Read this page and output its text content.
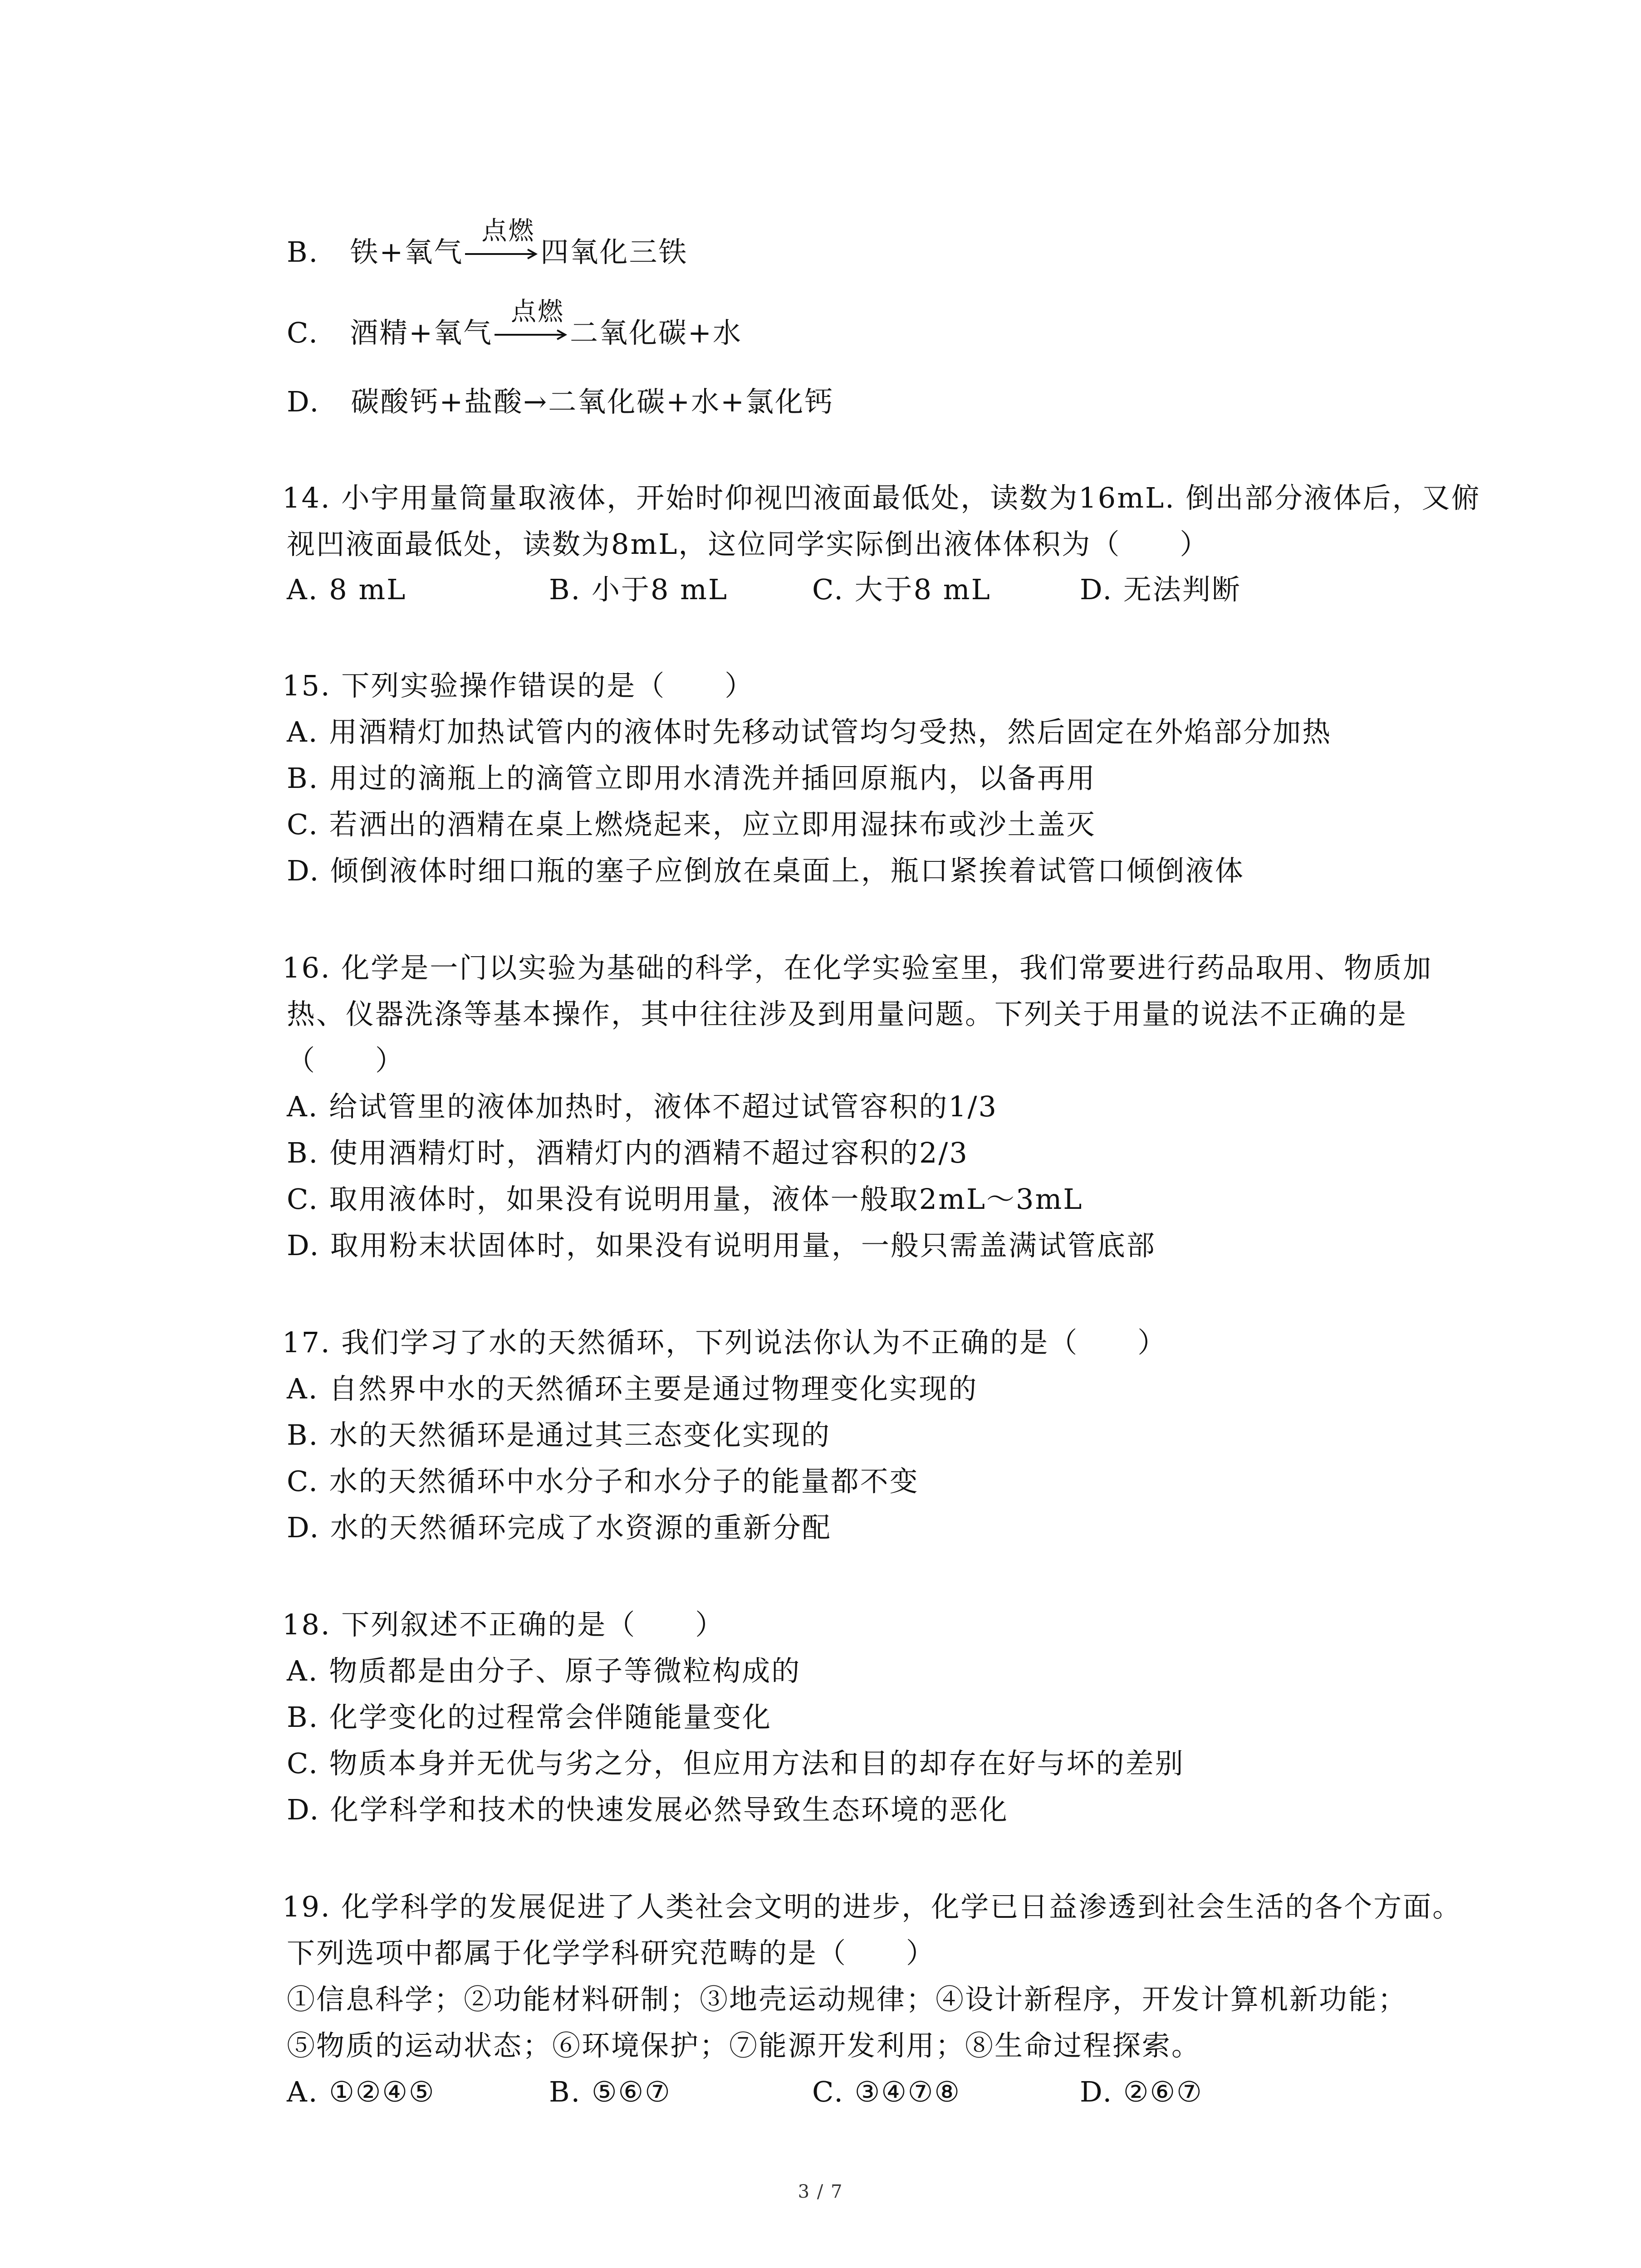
B. 铁+氧气
点燃
四氧化三铁
C. 酒精+氧气
点燃
二氧化碳+水
D.   碳酸钙+盐酸→二氧化碳+水+氯化钙
14. 小宇用量筒量取液体，开始时仰视凹液面最低处，读数为16mL. 倒出部分液体后，又俯
视凹液面最低处，读数为8mL，这位同学实际倒出液体体积为（　　）
A. 8 mL	B. 小于8 mL	C. 大于8 mL	D. 无法判断
15. 下列实验操作错误的是（　　）
A. 用酒精灯加热试管内的液体时先移动试管均匀受热，然后固定在外焰部分加热
B. 用过的滴瓶上的滴管立即用水清洗并插回原瓶内，以备再用
C. 若洒出的酒精在桌上燃烧起来，应立即用湿抹布或沙土盖灭
D. 倾倒液体时细口瓶的塞子应倒放在桌面上，瓶口紧挨着试管口倾倒液体
16. 化学是一门以实验为基础的科学，在化学实验室里，我们常要进行药品取用、物质加
热、仪器洗涤等基本操作，其中往往涉及到用量问题。下列关于用量的说法不正确的是
（　　）
A. 给试管里的液体加热时，液体不超过试管容积的1/3
B. 使用酒精灯时，酒精灯内的酒精不超过容积的2/3
C. 取用液体时，如果没有说明用量，液体一般取2mL～3mL
D. 取用粉末状固体时，如果没有说明用量，一般只需盖满试管底部
17. 我们学习了水的天然循环，下列说法你认为不正确的是（　　）
A. 自然界中水的天然循环主要是通过物理变化实现的
B. 水的天然循环是通过其三态变化实现的
C. 水的天然循环中水分子和水分子的能量都不变
D. 水的天然循环完成了水资源的重新分配
18. 下列叙述不正确的是（　　）
A. 物质都是由分子、原子等微粒构成的
B. 化学变化的过程常会伴随能量变化
C. 物质本身并无优与劣之分，但应用方法和目的却存在好与坏的差别
D. 化学科学和技术的快速发展必然导致生态环境的恶化
19. 化学科学的发展促进了人类社会文明的进步，化学已日益渗透到社会生活的各个方面。
下列选项中都属于化学学科研究范畴的是（　　）
①信息科学；②功能材料研制；③地壳运动规律；④设计新程序，开发计算机新功能；
⑤物质的运动状态；⑥环境保护；⑦能源开发利用；⑧生命过程探索。
A. ①②④⑤	B. ⑤⑥⑦	C. ③④⑦⑧	D. ②⑥⑦
3 / 7
